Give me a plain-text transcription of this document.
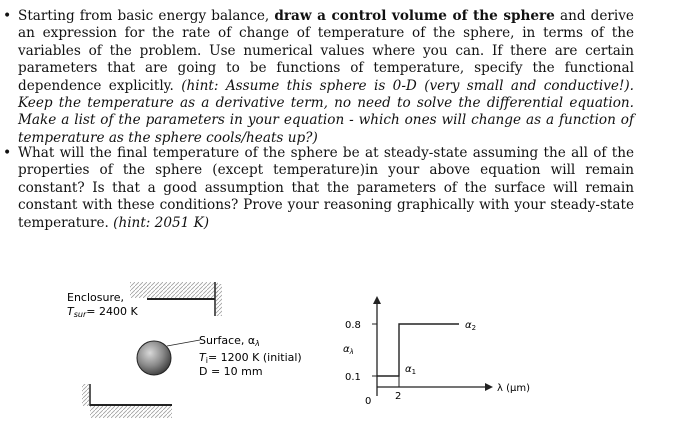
• Starting from basic energy balance, draw a control volume of the sphere and derive an expression for the rate of change of temperature of the sphere, in terms of the variables of the problem. Use numerical values where you can. If there are certain parameters that are going to be functions of temperature, specify the functional dependence explicitly. (hint: Assume this sphere is 0-D (very small and conductive!). Keep the temperature as a derivative term, no need to solve the differential equation. Make a list of the parameters in your equation - which ones will change as a function of temperature as the sphere cools/heats up?)
• What will the final temperature of the sphere be at steady-state assuming the all of the properties of the sphere (except temperature)in your above equation will remain constant? Is that a good assumption that the parameters of the surface will remain constant with these conditions? Prove your reasoning graphically with your steady-state temperature. (hint: 2051 K)
Enclosure,
Tsur= 2400 K
Surface, αλ
Ti= 1200 K (initial)
D = 10 mm
0.8
0.1
0 2
$\alpha_\lambda$
$\alpha_2$
$\alpha_1$
λ (μm)
